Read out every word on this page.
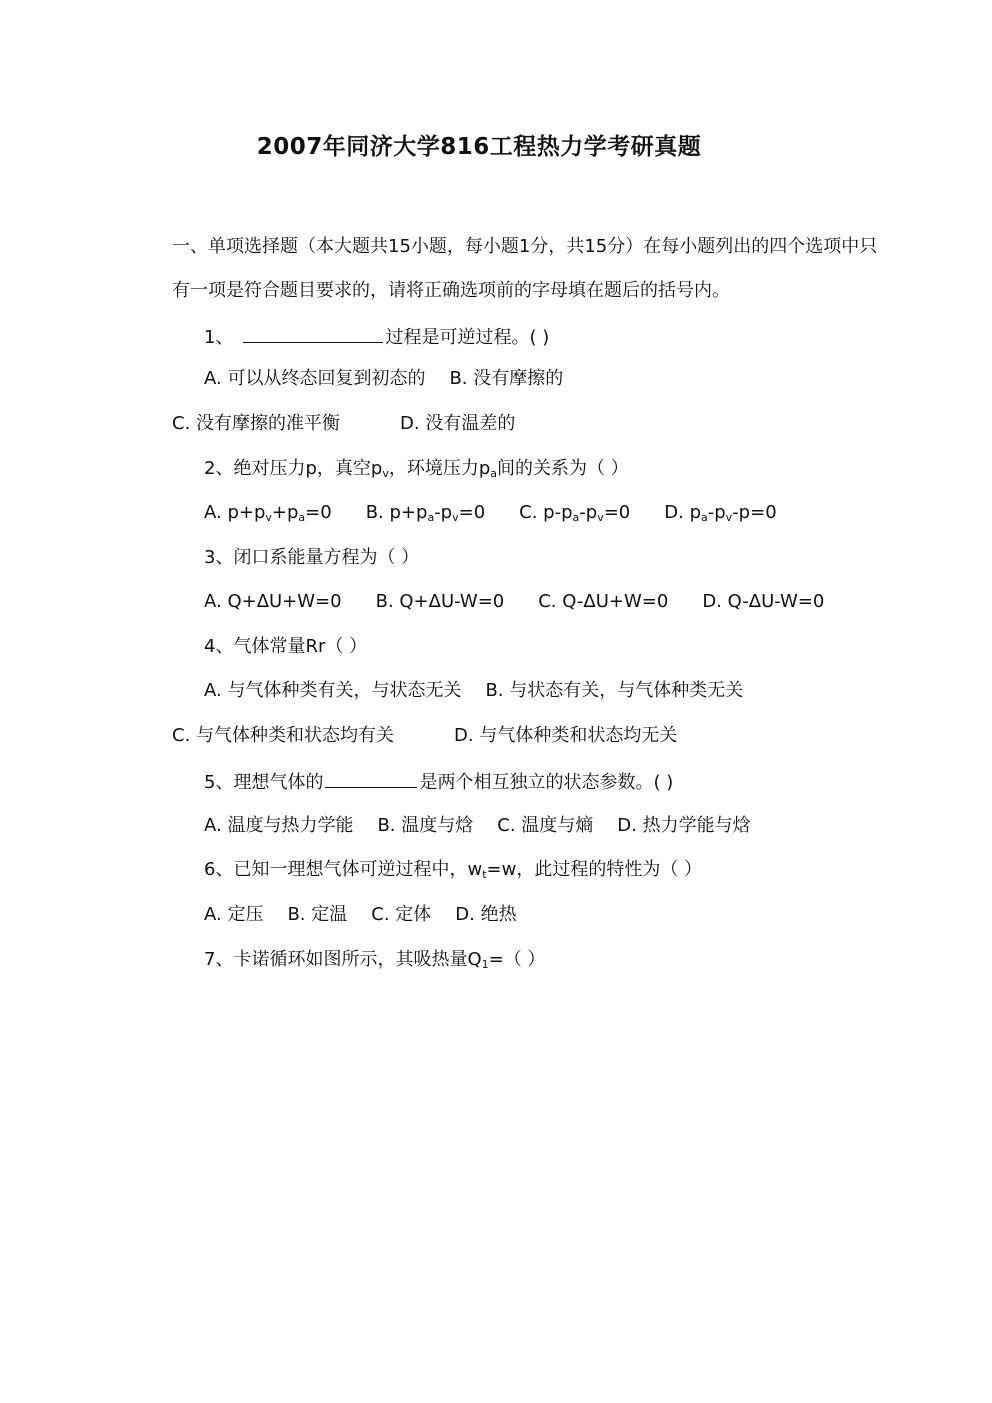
2007年同济大学816工程热力学考研真题
一、单项选择题（本大题共15小题，每小题1分，共15分）在每小题列出的四个选项中只
有一项是符合题目要求的，请将正确选项前的字母填在题后的括号内。
1、	过程是可逆过程。( )
A. 可以从终态回复到初态的 B. 没有摩擦的
C. 没有摩擦的准平衡	D. 没有温差的
2、绝对压力p，真空$p_v$，环境压力$p_a$间的关系为（ ）
A. $p+p_v+p_a=0$ B. $p+p_a-p_v=0$ C. $p-p_a-p_v=0$ D. $p_a-p_v-p=0$
3、闭口系能量方程为（ ）
A. Q+ΔU+W=0 B. Q+ΔU-W=0 C. Q-ΔU+W=0 D. Q-ΔU-W=0
4、气体常量Rr（ ）
A. 与气体种类有关，与状态无关 B. 与状态有关，与气体种类无关
C. 与气体种类和状态均有关	D. 与气体种类和状态均无关
5、理想气体的	是两个相互独立的状态参数。( )
A. 温度与热力学能 B. 温度与焓 C. 温度与熵 D. 热力学能与焓
6、已知一理想气体可逆过程中，$w_t=w$，此过程的特性为（ ）
A. 定压 B. 定温 C. 定体 D. 绝热
7、卡诺循环如图所示，其吸热量$Q_1=$（ ）
